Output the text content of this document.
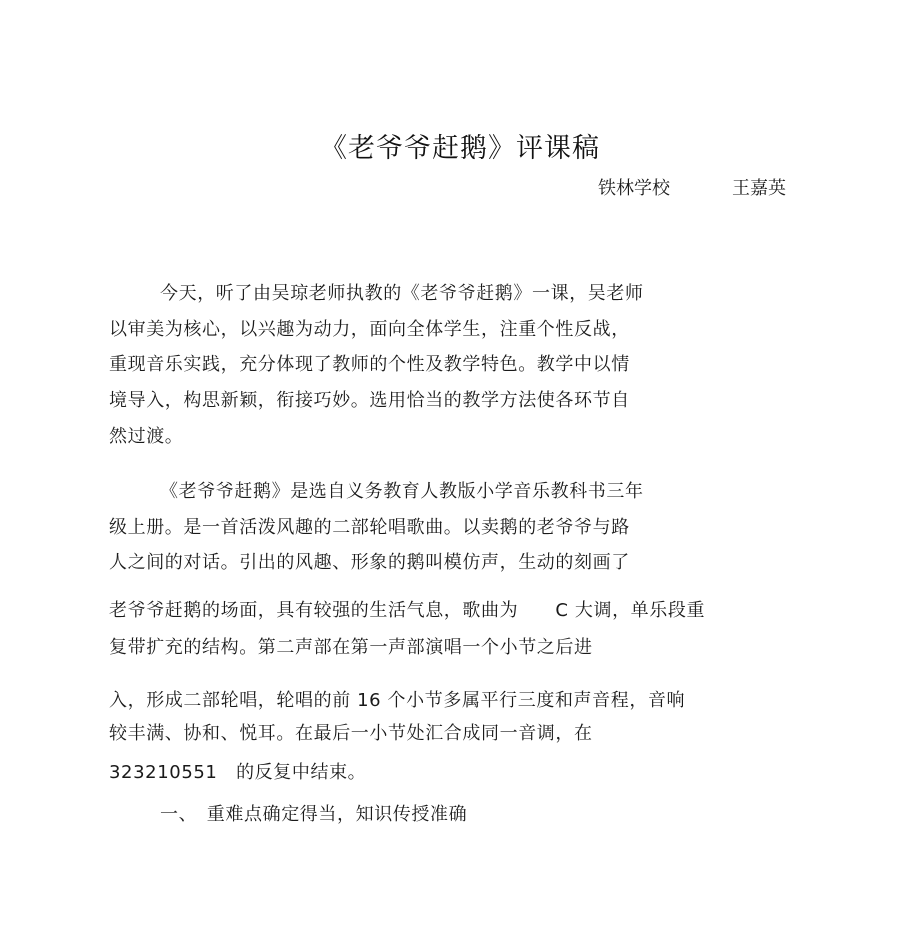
《老爷爷赶鹅》评课稿
铁林学校	王嘉英
今天，听了由吴琼老师执教的《老爷爷赶鹅》一课，吴老师
以审美为核心，以兴趣为动力，面向全体学生，注重个性反战，
重现音乐实践，充分体现了教师的个性及教学特色。教学中以情
境导入，构思新颖，衔接巧妙。选用恰当的教学方法使各环节自
然过渡。
《老爷爷赶鹅》是选自义务教育人教版小学音乐教科书三年
级上册。是一首活泼风趣的二部轮唱歌曲。以卖鹅的老爷爷与路
人之间的对话。引出的风趣、形象的鹅叫模仿声，生动的刻画了
老爷爷赶鹅的场面，具有较强的生活气息，歌曲为　　C 大调，单乐段重
复带扩充的结构。第二声部在第一声部演唱一个小节之后进
入，形成二部轮唱，轮唱的前 16 个小节多属平行三度和声音程，音响
较丰满、协和、悦耳。在最后一小节处汇合成同一音调，在
323210551　的反复中结束。
一、　重难点确定得当，知识传授准确
